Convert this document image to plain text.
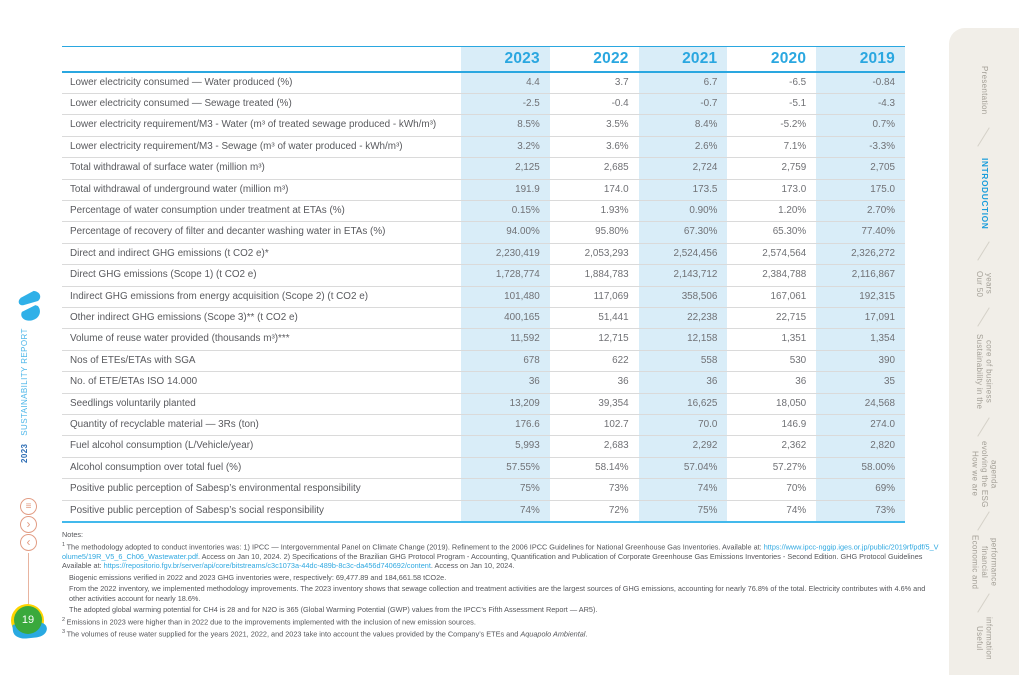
2023   SUSTAINABILITY REPORT
≡
›
‹
19
	2023	2022	2021	2020	2019
Lower electricity consumed — Water produced (%)	4.4	3.7	6.7	-6.5	-0.84
Lower electricity consumed — Sewage treated (%)	-2.5	-0.4	-0.7	-5.1	-4.3
Lower electricity requirement/M3 - Water (m³ of treated sewage produced - kWh/m³)	8.5%	3.5%	8.4%	-5.2%	0.7%
Lower electricity requirement/M3 - Sewage (m³ of water produced - kWh/m³)	3.2%	3.6%	2.6%	7.1%	-3.3%
Total withdrawal of surface water (million m³)	2,125	2,685	2,724	2,759	2,705
Total withdrawal of underground water (million m³)	191.9	174.0	173.5	173.0	175.0
Percentage of water consumption under treatment at ETAs (%)	0.15%	1.93%	0.90%	1.20%	2.70%
Percentage of recovery of filter and decanter washing water in ETAs (%)	94.00%	95.80%	67.30%	65.30%	77.40%
Direct and indirect GHG emissions (t CO2 e)*	2,230,419	2,053,293	2,524,456	2,574,564	2,326,272
Direct GHG emissions (Scope 1) (t CO2 e)	1,728,774	1,884,783	2,143,712	2,384,788	2,116,867
Indirect GHG emissions from energy acquisition (Scope 2) (t CO2 e)	101,480	117,069	358,506	167,061	192,315
Other indirect GHG emissions (Scope 3)** (t CO2 e)	400,165	51,441	22,238	22,715	17,091
Volume of reuse water provided (thousands m³)***	11,592	12,715	12,158	1,351	1,354
Nos of ETEs/ETAs with SGA	678	622	558	530	390
No. of ETE/ETAs ISO 14.000	36	36	36	36	35
Seedlings voluntarily planted	13,209	39,354	16,625	18,050	24,568
Quantity of recyclable material — 3Rs (ton)	176.6	102.7	70.0	146.9	274.0
Fuel alcohol consumption (L/Vehicle/year)	5,993	2,683	2,292	2,362	2,820
Alcohol consumption over total fuel (%)	57.55%	58.14%	57.04%	57.27%	58.00%
Positive public perception of Sabesp’s environmental responsibility	75%	73%	74%	70%	69%
Positive public perception of Sabesp’s social responsibility	74%	72%	75%	74%	73%
Notes:
$^1$ The methodology adopted to conduct inventories was: 1) IPCC — Intergovernmental Panel on Climate Change (2019). Refinement to the 2006 IPCC Guidelines for National Greenhouse Gas Inventories. Available at: https://www.ipcc-nggip.iges.or.jp/public/2019rf/pdf/5_Volume5/19R_V5_6_Ch06_Wastewater.pdf. Access on Jan 10, 2024. 2) Specifications of the Brazilian GHG Protocol Program - Accounting, Quantification and Publication of Corporate Greenhouse Gas Emissions Inventories - Second Edition. GHG Protocol Guidelines Available at: https://repositorio.fgv.br/server/api/core/bitstreams/c3c1073a-44dc-489b-8c3c-da456d740692/content. Access on Jan 10, 2024.
Biogenic emissions verified in 2022 and 2023 GHG inventories were, respectively: 69,477.89 and 184,661.58 tCO2e.
From the 2022 inventory, we implemented methodology improvements. The 2023 inventory shows that sewage collection and treatment activities are the largest sources of GHG emissions, accounting for nearly 76.8% of the total. Electricity contributes with 4.6% and other activities account for nearly 18.6%.
The adopted global warming potential for CH4 is 28 and for N2O is 365 (Global Warming Potential (GWP) values from the IPCC’s Fifth Assessment Report — AR5).
$^2$ Emissions in 2023 were higher than in 2022 due to the improvements implemented with the inclusion of new emission sources.
$^3$ The volumes of reuse water supplied for the years 2021, 2022, and 2023 take into account the values provided by the Company’s ETEs and Aquapolo Ambiental.
Presentation
INTRODUCTION
Our 50 years
Sustainability in the core of business
How we are evolving the ESG agenda
Economic and financial performance
Useful information
